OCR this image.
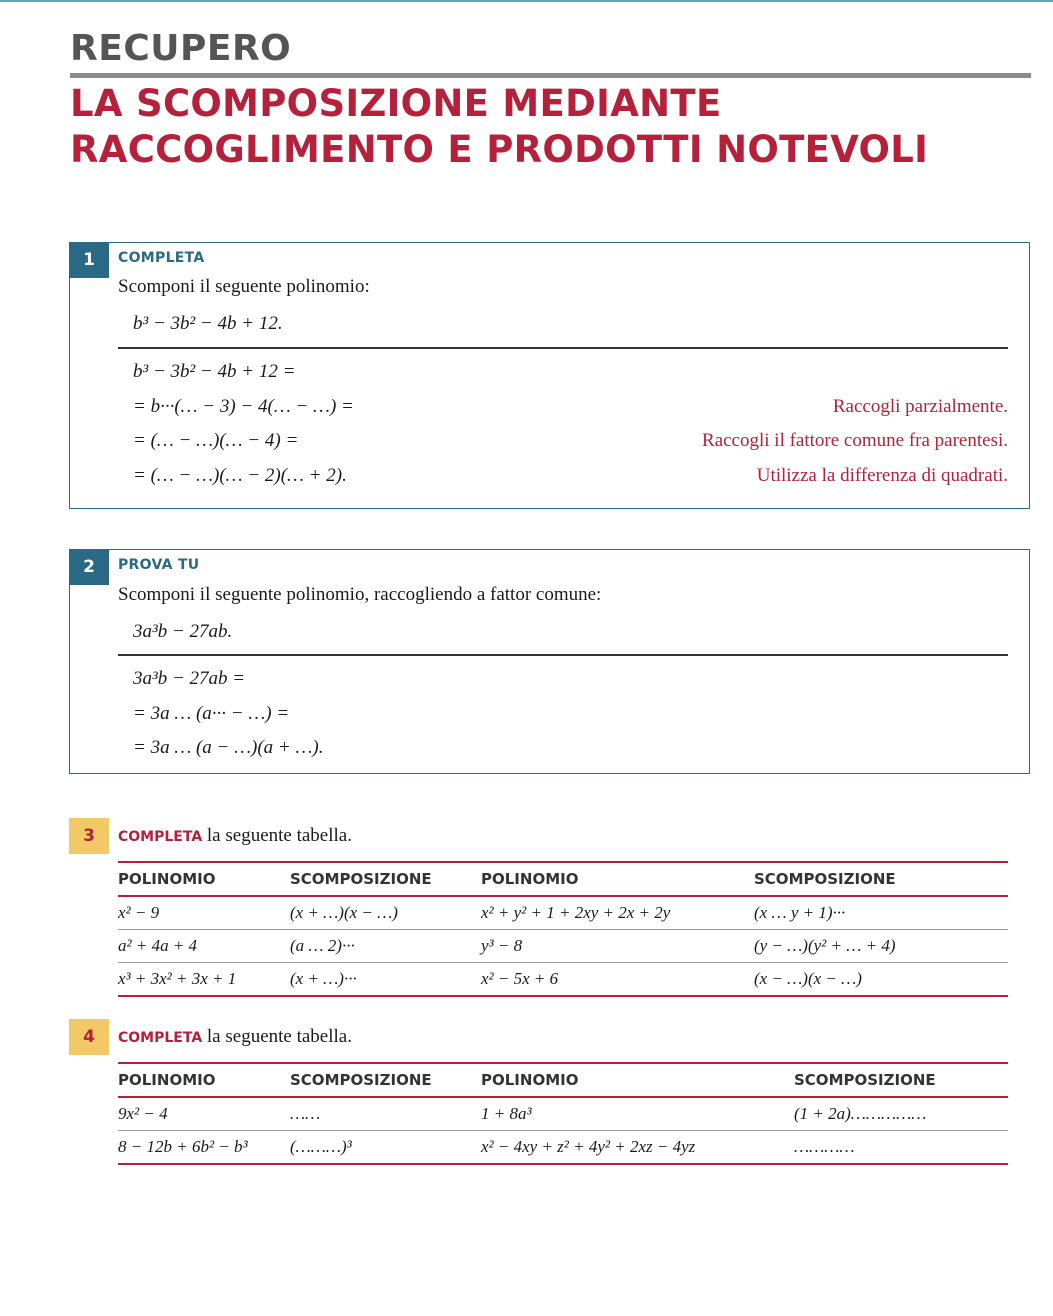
RECUPERO
LA SCOMPOSIZIONE MEDIANTE
RACCOGLIMENTO E PRODOTTI NOTEVOLI
1	COMPLETA
Scomponi il seguente polinomio:
b³ − 3b² − 4b + 12.
b³ − 3b² − 4b + 12 =
= b···(… − 3) − 4(… − …) =
= (… − …)(… − 4) =
= (… − …)(… − 2)(… + 2).
Raccogli parzialmente.
Raccogli il fattore comune fra parentesi.
Utilizza la differenza di quadrati.
2	PROVA TU
Scomponi il seguente polinomio, raccogliendo a fattor comune:
3a³b − 27ab.
3a³b − 27ab =
= 3a … (a··· − …) =
= 3a … (a − …)(a + …).
3	COMPLETA la seguente tabella.
POLINOMIO	SCOMPOSIZIONE	POLINOMIO	SCOMPOSIZIONE
x² − 9	(x + …)(x − …)	x² + y² + 1 + 2xy + 2x + 2y	(x … y + 1)···
a² + 4a + 4	(a … 2)···	y³ − 8	(y − …)(y² + … + 4)
x³ + 3x² + 3x + 1	(x + …)···	x² − 5x + 6	(x − …)(x − …)
4	COMPLETA la seguente tabella.
POLINOMIO	SCOMPOSIZIONE	POLINOMIO	SCOMPOSIZIONE
9x² − 4	……	1 + 8a³	(1 + 2a)……………
8 − 12b + 6b² − b³	(………)³	x² − 4xy + z² + 4y² + 2xz − 4yz	…………
